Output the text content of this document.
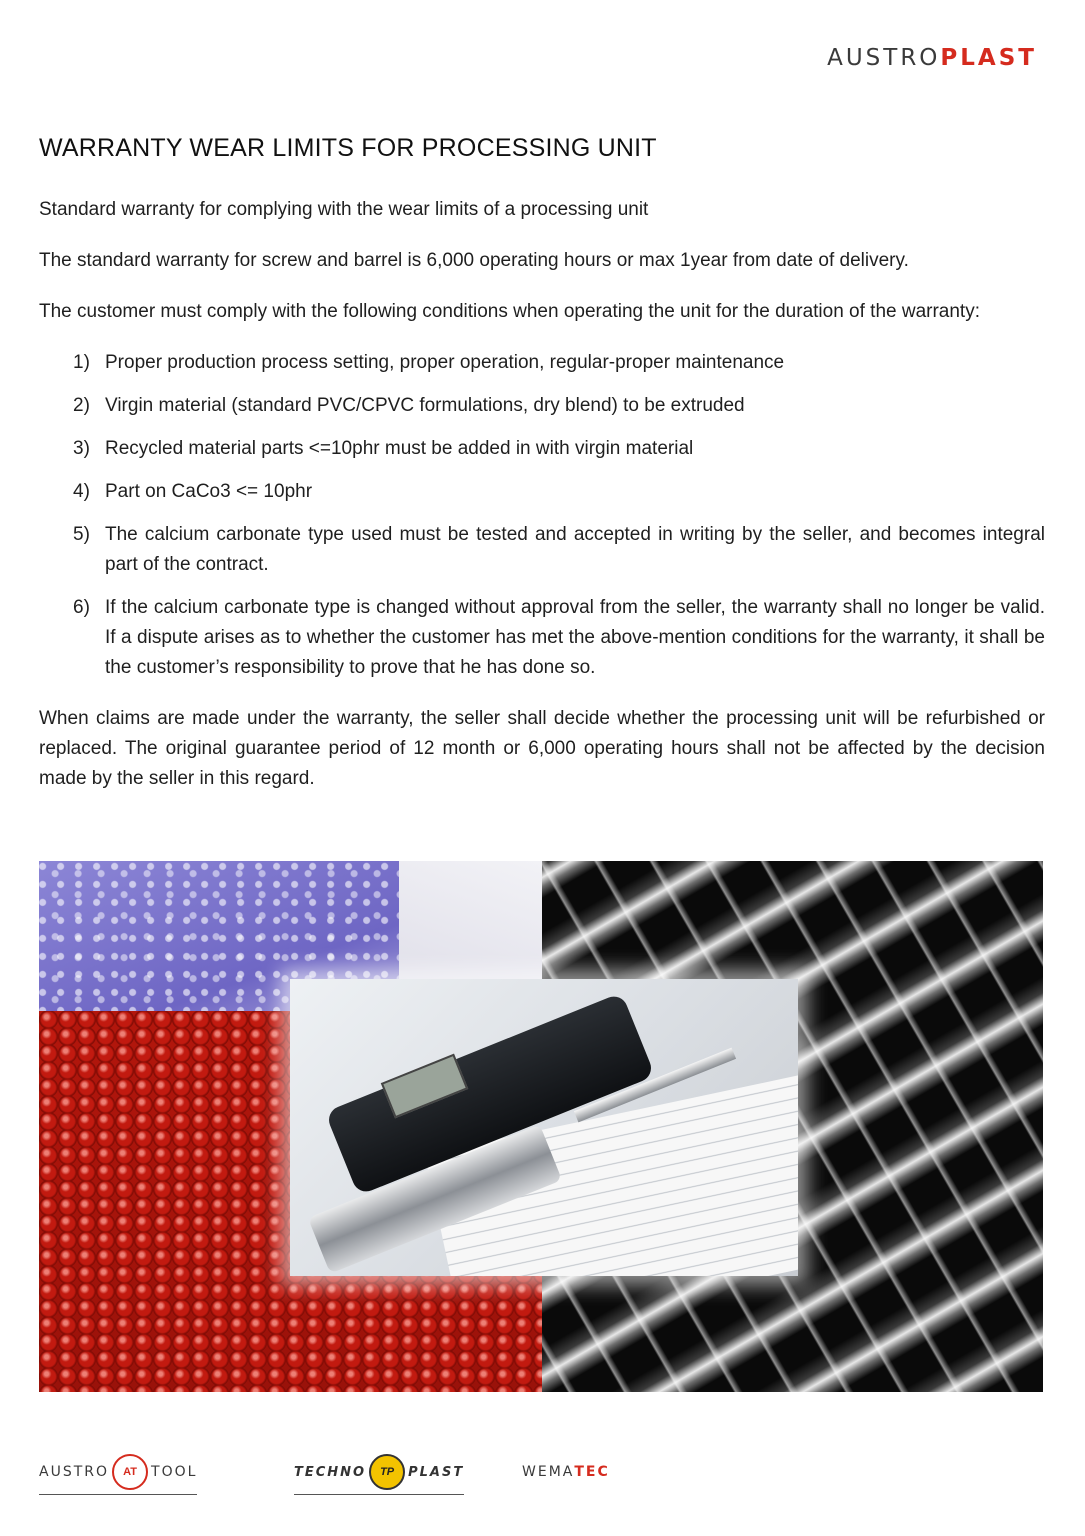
AUSTROPLAST
WARRANTY WEAR LIMITS FOR PROCESSING UNIT

Standard warranty for complying with the wear limits of a processing unit

The standard warranty for screw and barrel is 6,000 operating hours or max 1year from date of delivery.

The customer must comply with the following conditions when operating the unit for the duration of the warranty:

1) Proper production process setting, proper operation, regular-proper maintenance
2) Virgin material (standard PVC/CPVC formulations, dry blend) to be extruded
3) Recycled material parts <=10phr must be added in with virgin material
4) Part on CaCo3 <= 10phr
5) The calcium carbonate type used must be tested and accepted in writing by the seller, and becomes integral part of the contract.
6) If the calcium carbonate type is changed without approval from the seller, the warranty shall no longer be valid. If a dispute arises as to whether the customer has met the above-mention conditions for the warranty, it shall be the customer’s responsibility to prove that he has done so.

When claims are made under the warranty, the seller shall decide whether the processing unit will be refurbished or replaced. The original guarantee period of 12 month or 6,000 operating hours shall not be affected by the decision made by the seller in this regard.

AUSTRO	AT	TOOL	TECHNO	TP	PLAST	WEMA TEC
